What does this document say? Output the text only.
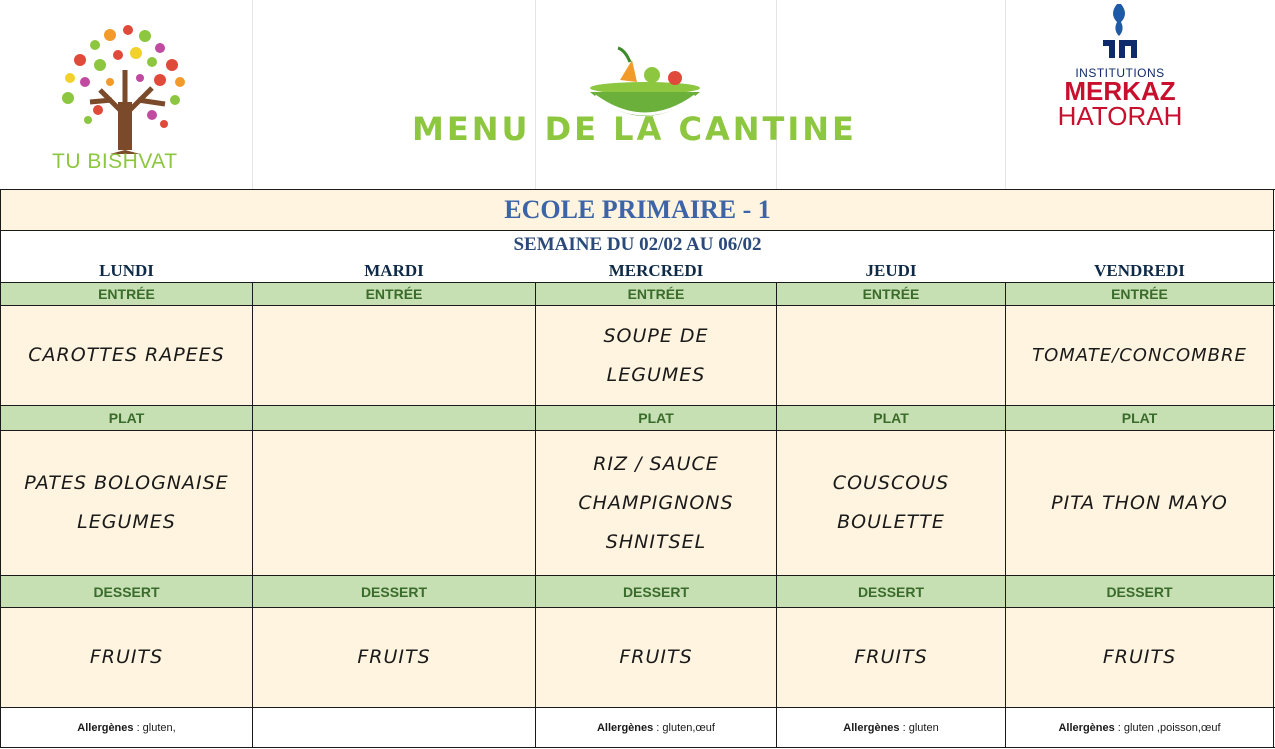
TU BISHVAT
MENU DE LA CANTINE
INSTITUTIONS
MERKAZ
HATORAH
ECOLE PRIMAIRE - 1
SEMAINE DU 02/02 AU 06/02
LUNDI
ENTRÉE
CAROTTES RAPEES
PLAT
PATES BOLOGNAISE
LEGUMES
DESSERT
FRUITS
Allergènes : gluten,
MARDI
ENTRÉE
DESSERT
FRUITS
MERCREDI
ENTRÉE
SOUPE DE
LEGUMES
PLAT
RIZ / SAUCE
CHAMPIGNONS
SHNITSEL
DESSERT
FRUITS
Allergènes : gluten,œuf
JEUDI
ENTRÉE
PLAT
COUSCOUS
BOULETTE
DESSERT
FRUITS
Allergènes : gluten
VENDREDI
ENTRÉE
TOMATE/CONCOMBRE
PLAT
PITA THON MAYO
DESSERT
FRUITS
Allergènes : gluten ,poisson,œuf
